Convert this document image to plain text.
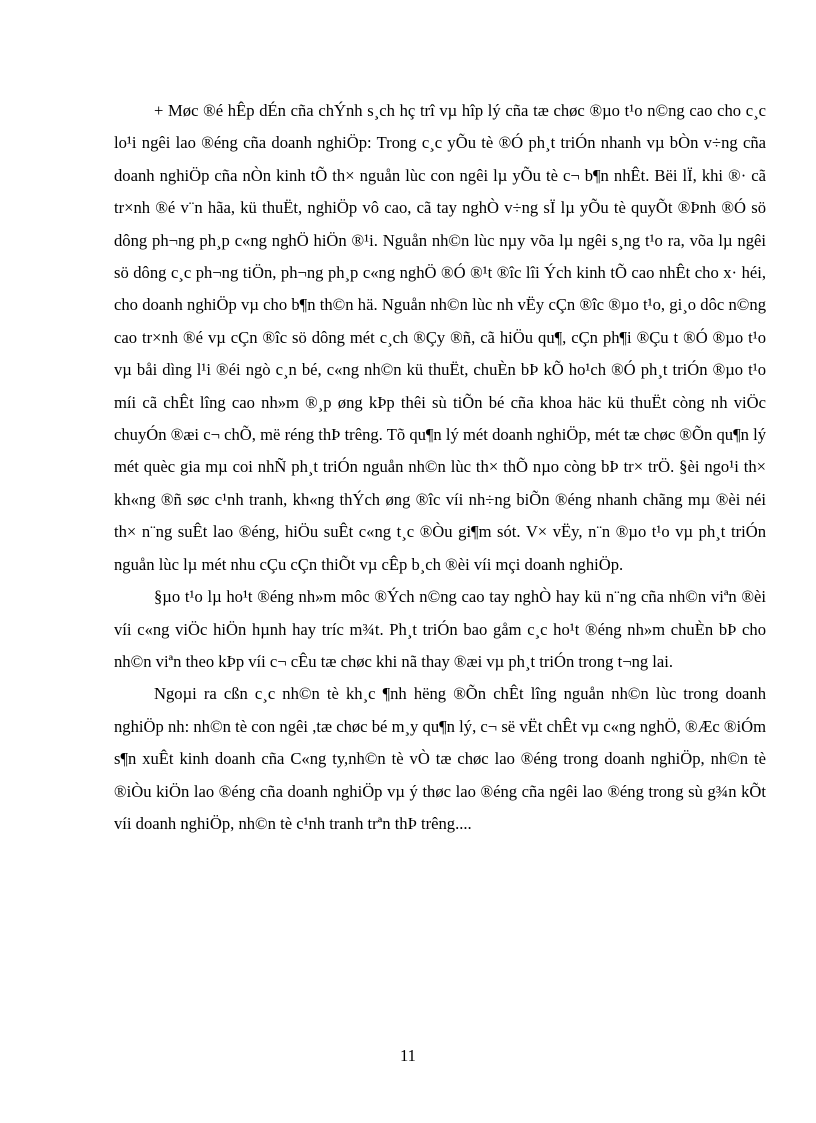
+ Møc ®é hÊp dÉn cña chÝnh s¸ch hç trî vµ hîp lý cña tæ chøc ®µo t¹o n©ng cao cho c¸c lo¹i ngêi lao ®éng cña doanh nghiÖp: Trong c¸c yÕu tè ®Ó ph¸t triÓn nhanh vµ bÒn v÷ng cña doanh nghiÖp cña nÒn kinh tÕ th× nguån lùc con ngêi lµ yÕu tè c¬ b¶n nhÊt. Bëi lÏ, khi ®· cã tr×nh ®é v¨n hãa, kü thuËt, nghiÖp vô cao, cã tay nghÒ v÷ng sÏ lµ yÕu tè quyÕt ®Þnh ®Ó sö dông ph¬ng ph¸p c«ng nghÖ hiÖn ®¹i. Nguån nh©n lùc nµy võa lµ ngêi s¸ng t¹o ra, võa lµ ngêi sö dông c¸c ph¬ng tiÖn, ph¬ng ph¸p c«ng nghÖ ®Ó ®¹t ®îc lîi Ých kinh tÕ cao nhÊt cho x· héi, cho doanh nghiÖp vµ cho b¶n th©n hä. Nguån nh©n lùc nh vËy cÇn ®îc ®µo t¹o, gi¸o dôc n©ng cao tr×nh ®é vµ cÇn ®îc sö dông mét c¸ch ®Çy ®ñ, cã hiÖu qu¶, cÇn ph¶i ®Çu t ®Ó ®µo t¹o vµ båi dìng l¹i ®éi ngò c¸n bé, c«ng nh©n kü thuËt, chuÈn bÞ kÕ ho¹ch ®Ó ph¸t triÓn ®µo t¹o míi cã chÊt lîng cao nh»m ®¸p øng kÞp thêi sù tiÕn bé cña khoa häc kü thuËt còng nh viÖc chuyÓn ®æi c¬ chÕ, më réng thÞ trêng. Tõ qu¶n lý mét doanh nghiÖp, mét tæ chøc ®Õn qu¶n lý mét quèc gia mµ coi nhÑ ph¸t triÓn nguån nh©n lùc th× thÕ nµo còng bÞ tr× trÖ. §èi ngo¹i th× kh«ng ®ñ søc c¹nh tranh, kh«ng thÝch øng ®îc víi nh÷ng biÕn ®éng nhanh chãng mµ ®èi néi th× n¨ng suÊt lao ®éng, hiÖu suÊt c«ng t¸c ®Òu gi¶m sót. V× vËy, n¨n ®µo t¹o vµ ph¸t triÓn nguån lùc lµ mét nhu cÇu cÇn thiÕt vµ cÊp b¸ch ®èi víi mçi doanh nghiÖp.

§µo t¹o lµ ho¹t ®éng nh»m môc ®Ých n©ng cao tay nghÒ hay kü n¨ng cña nh©n viªn ®èi víi c«ng viÖc hiÖn hµnh hay tríc m¾t. Ph¸t triÓn bao gåm c¸c ho¹t ®éng nh»m chuÈn bÞ cho nh©n viªn theo kÞp víi c¬ cÊu tæ chøc khi nã thay ®æi vµ ph¸t triÓn trong t¬ng lai.

Ngoµi ra cßn c¸c nh©n tè kh¸c ¶nh hëng ®Õn chÊt lîng nguån nh©n lùc trong doanh nghiÖp nh: nh©n tè con ngêi ,tæ chøc bé m¸y qu¶n lý, c¬ së vËt chÊt vµ c«ng nghÖ, ®Æc ®iÓm s¶n xuÊt kinh doanh cña C«ng ty,nh©n tè vÒ tæ chøc lao ®éng trong doanh nghiÖp, nh©n tè ®iÒu kiÖn lao ®éng cña doanh nghiÖp vµ ý thøc lao ®éng cña ngêi lao ®éng trong sù g¾n kÕt víi doanh nghiÖp, nh©n tè c¹nh tranh trªn thÞ trêng....

11
